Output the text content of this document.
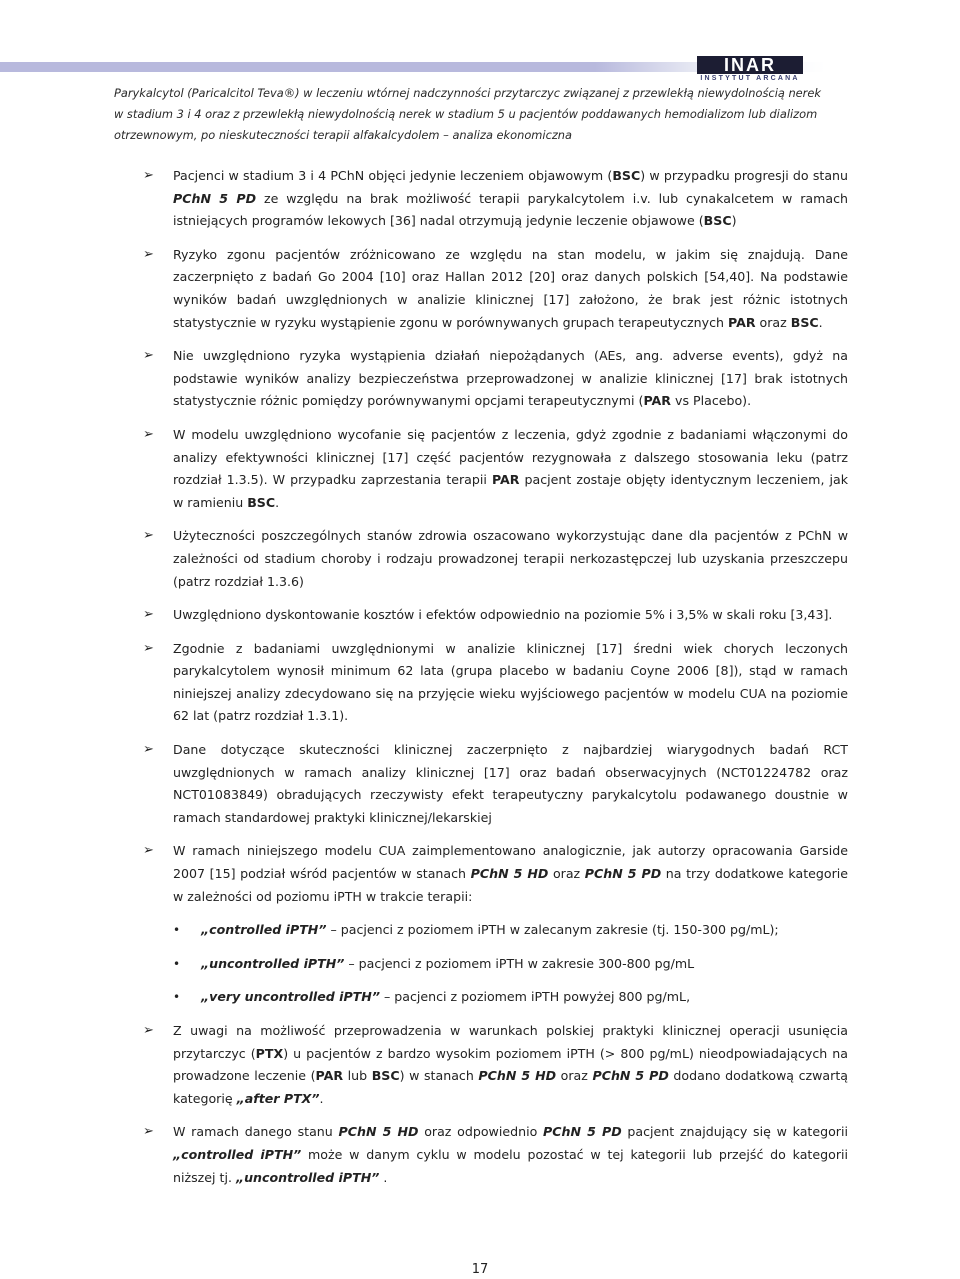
INAR
INSTYTUT ARCANA
Parykalcytol (Paricalcitol Teva®) w leczeniu wtórnej nadczynności przytarczyc związanej z przewlekłą niewydolnością nerek
w stadium 3 i 4 oraz z przewlekłą niewydolnością nerek w stadium 5 u pacjentów poddawanych hemodializom lub dializom
otrzewnowym, po nieskuteczności terapii alfakalcydolem – analiza ekonomiczna
➢ Pacjenci w stadium 3 i 4 PChN objęci jedynie leczeniem objawowym (BSC) w przypadku progresji do stanu PChN 5 PD ze względu na brak możliwość terapii parykalcytolem i.v. lub cynakalcetem w ramach istniejących programów lekowych [36] nadal otrzymują jedynie leczenie objawowe (BSC)
➢ Ryzyko zgonu pacjentów zróżnicowano ze względu na stan modelu, w jakim się znajdują. Dane zaczerpnięto z badań Go 2004 [10] oraz Hallan 2012 [20] oraz danych polskich [54,40]. Na podstawie wyników badań uwzględnionych w analizie klinicznej [17] założono, że brak jest różnic istotnych statystycznie w ryzyku wystąpienie zgonu w porównywanych grupach terapeutycznych PAR oraz BSC.
➢ Nie uwzględniono ryzyka wystąpienia działań niepożądanych (AEs, ang. adverse events), gdyż na podstawie wyników analizy bezpieczeństwa przeprowadzonej w analizie klinicznej [17] brak istotnych statystycznie różnic pomiędzy porównywanymi opcjami terapeutycznymi (PAR vs Placebo).
➢ W modelu uwzględniono wycofanie się pacjentów z leczenia, gdyż zgodnie z badaniami włączonymi do analizy efektywności klinicznej [17] część pacjentów rezygnowała z dalszego stosowania leku (patrz rozdział 1.3.5). W przypadku zaprzestania terapii PAR pacjent zostaje objęty identycznym leczeniem, jak w ramieniu BSC.
➢ Użyteczności poszczególnych stanów zdrowia oszacowano wykorzystując dane dla pacjentów z PChN w zależności od stadium choroby i rodzaju prowadzonej terapii nerkozastępczej lub uzyskania przeszczepu (patrz rozdział 1.3.6)
➢ Uwzględniono dyskontowanie kosztów i efektów odpowiednio na poziomie 5% i 3,5% w skali roku [3,43].
➢ Zgodnie z badaniami uwzględnionymi w analizie klinicznej [17] średni wiek chorych leczonych parykalcytolem wynosił minimum 62 lata (grupa placebo w badaniu Coyne 2006 [8]), stąd w ramach niniejszej analizy zdecydowano się na przyjęcie wieku wyjściowego pacjentów w modelu CUA na poziomie 62 lat (patrz rozdział 1.3.1).
➢ Dane dotyczące skuteczności klinicznej zaczerpnięto z najbardziej wiarygodnych badań RCT uwzględnionych w ramach analizy klinicznej [17] oraz badań obserwacyjnych (NCT01224782 oraz NCT01083849) obradujących rzeczywisty efekt terapeutyczny parykalcytolu podawanego doustnie w ramach standardowej praktyki klinicznej/lekarskiej
➢ W ramach niniejszego modelu CUA zaimplementowano analogicznie, jak autorzy opracowania Garside 2007 [15] podział wśród pacjentów w stanach PChN 5 HD oraz PChN 5 PD na trzy dodatkowe kategorie w zależności od poziomu iPTH w trakcie terapii:
• „controlled iPTH” – pacjenci z poziomem iPTH w zalecanym zakresie (tj. 150-300 pg/mL);
• „uncontrolled iPTH” – pacjenci z poziomem iPTH w zakresie 300-800 pg/mL
• „very uncontrolled iPTH” – pacjenci z poziomem iPTH powyżej 800 pg/mL,
➢ Z uwagi na możliwość przeprowadzenia w warunkach polskiej praktyki klinicznej operacji usunięcia przytarczyc (PTX) u pacjentów z bardzo wysokim poziomem iPTH (> 800 pg/mL) nieodpowiadających na prowadzone leczenie (PAR lub BSC) w stanach PChN 5 HD oraz PChN 5 PD dodano dodatkową czwartą kategorię „after PTX”.
➢ W ramach danego stanu PChN 5 HD oraz odpowiednio PChN 5 PD pacjent znajdujący się w kategorii „controlled iPTH” może w danym cyklu w modelu pozostać w tej kategorii lub przejść do kategorii niższej tj. „uncontrolled iPTH” .
17
